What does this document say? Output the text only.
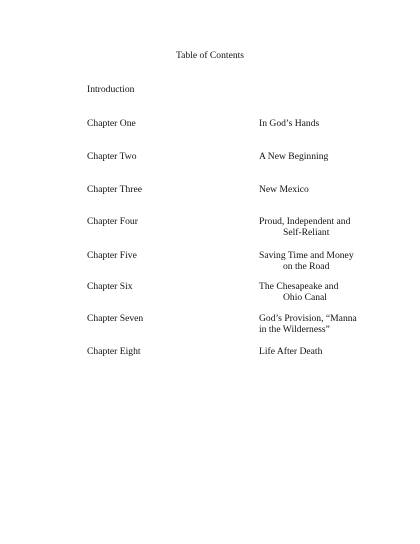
Table of Contents
Introduction
Chapter One	In God’s Hands
Chapter Two	A New Beginning
Chapter Three	New Mexico
Chapter Four	Proud, Independent and
Self-Reliant
Chapter Five	Saving Time and Money
on the Road
Chapter Six	The Chesapeake and
Ohio Canal
Chapter Seven	God’s Provision, “Manna
in the Wilderness”
Chapter Eight	Life After Death
